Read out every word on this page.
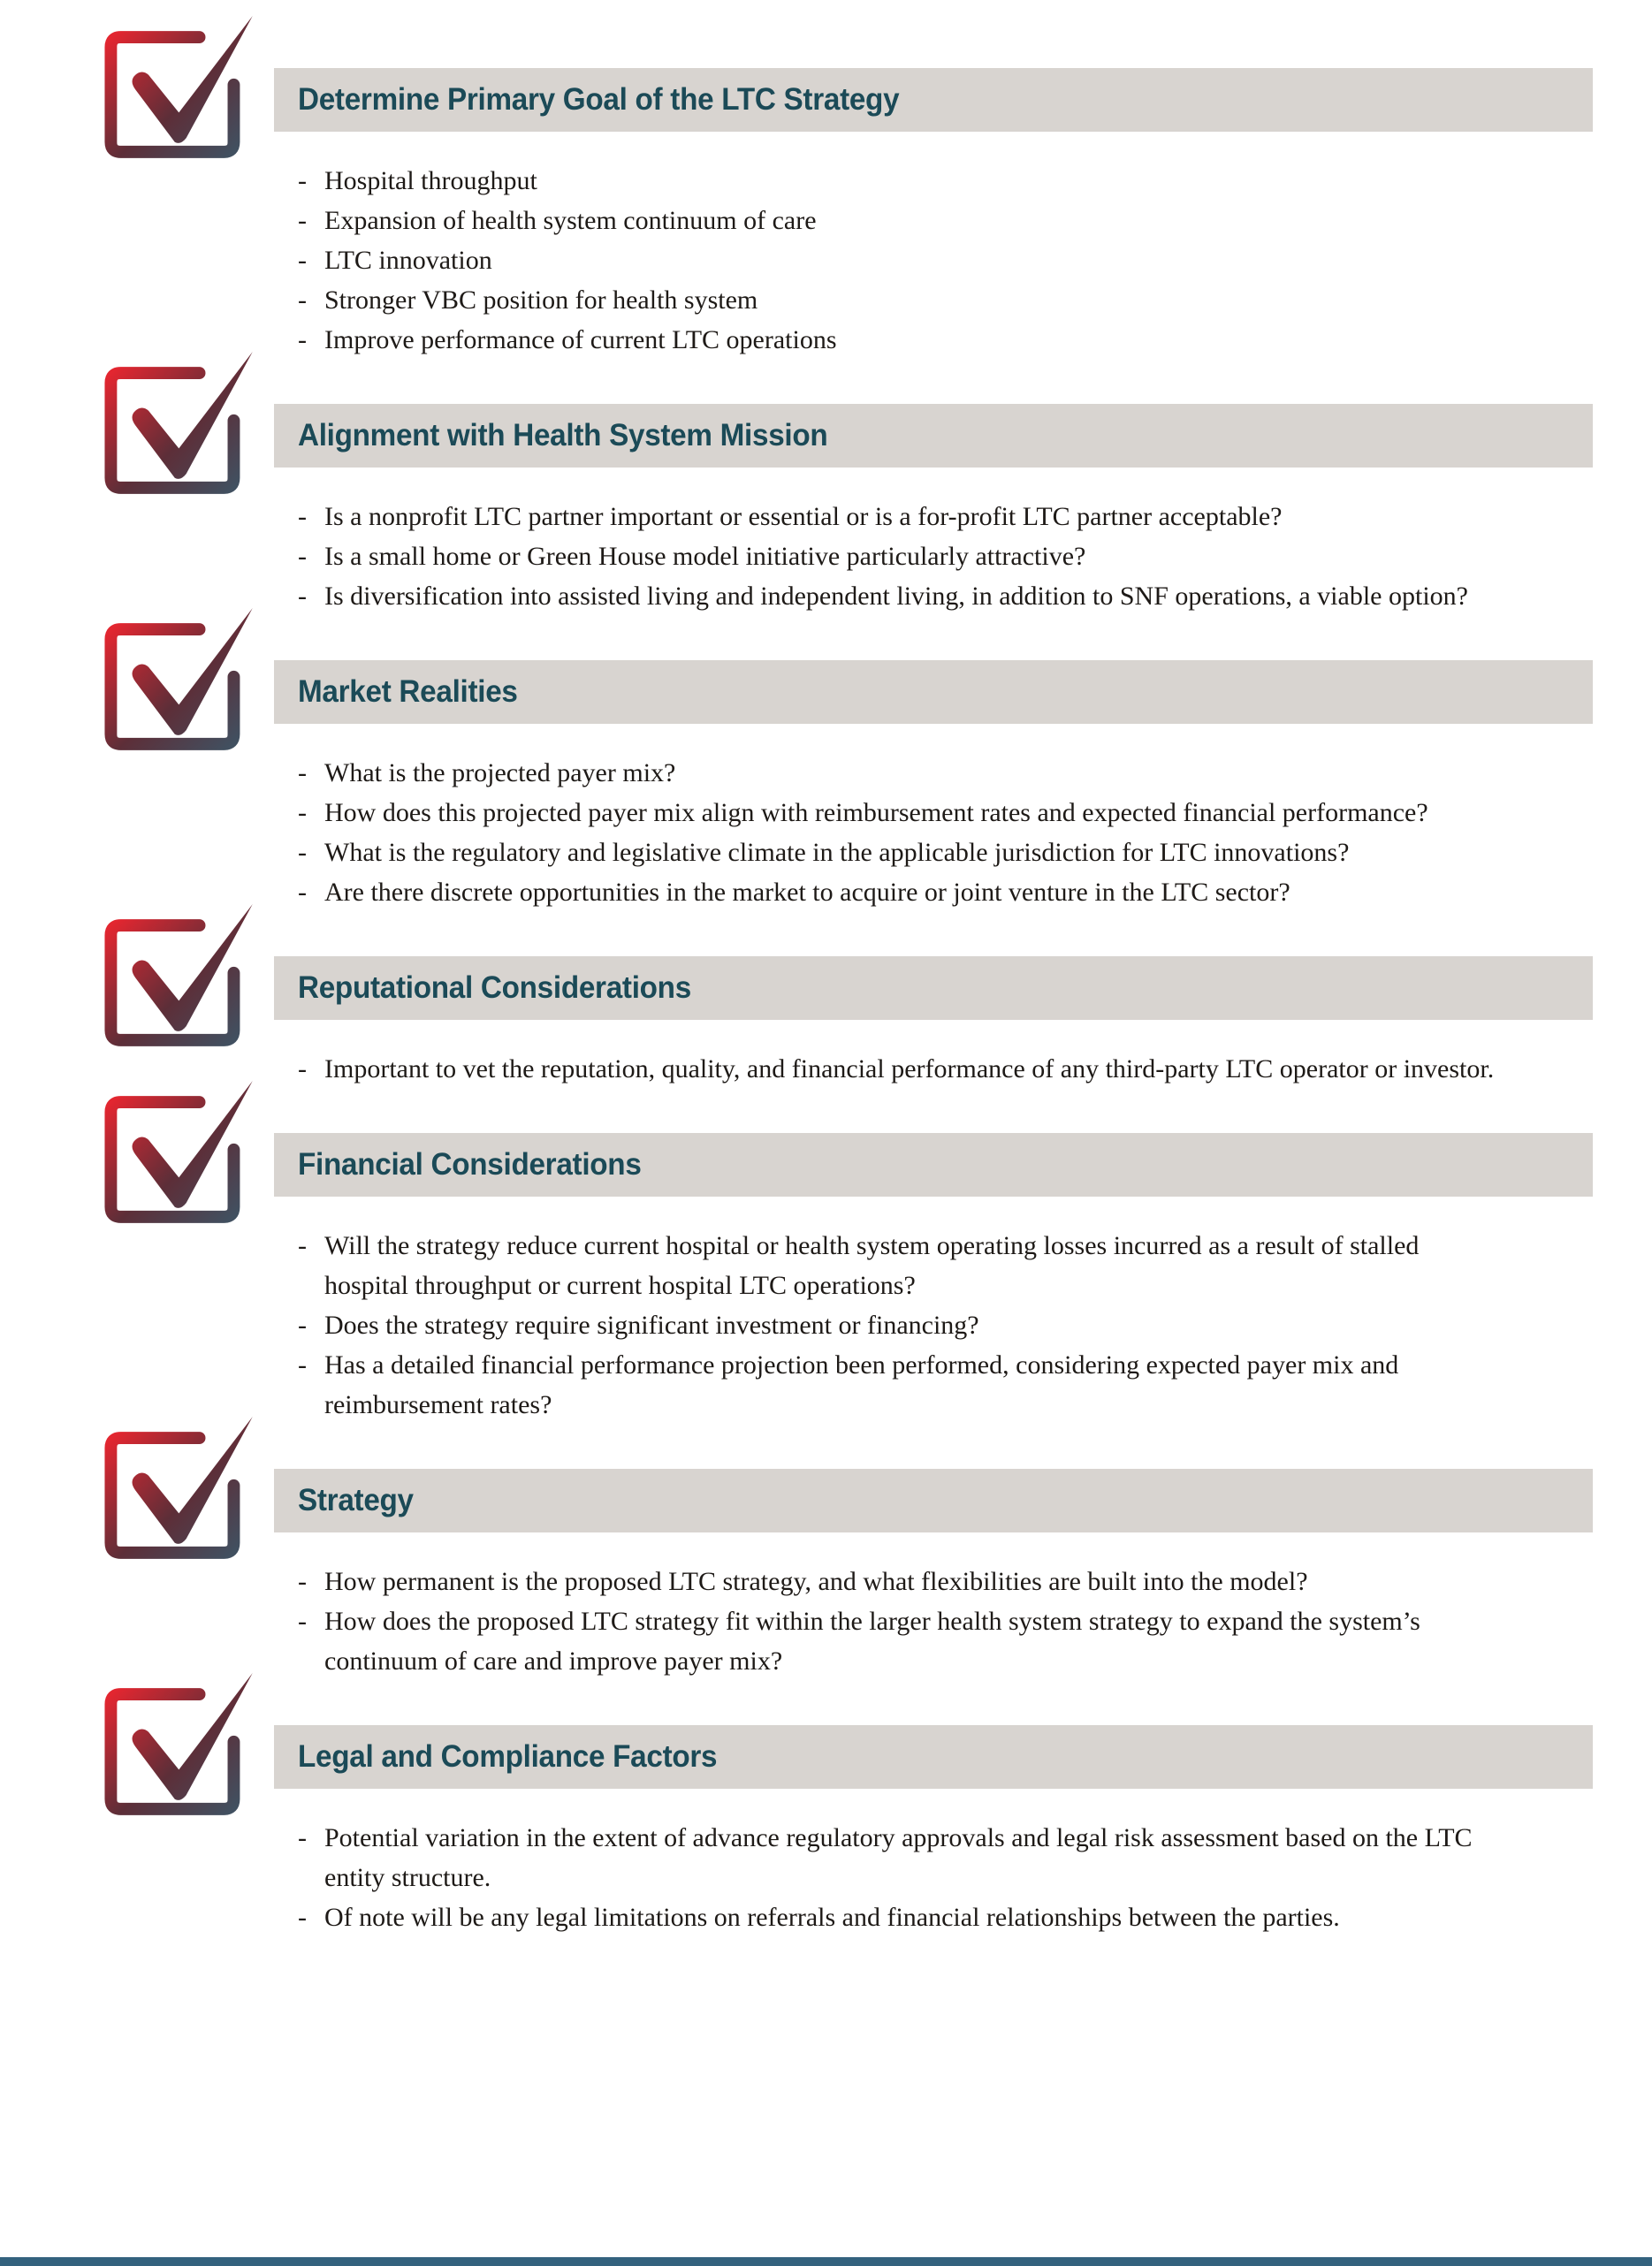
Determine Primary Goal of the LTC Strategy
- Hospital throughput
- Expansion of health system continuum of care
- LTC innovation
- Stronger VBC position for health system
- Improve performance of current LTC operations
Alignment with Health System Mission
- Is a nonprofit LTC partner important or essential or is a for-profit LTC partner acceptable?
- Is a small home or Green House model initiative particularly attractive?
- Is diversification into assisted living and independent living, in addition to SNF operations, a viable option?
Market Realities
- What is the projected payer mix?
- How does this projected payer mix align with reimbursement rates and expected financial performance?
- What is the regulatory and legislative climate in the applicable jurisdiction for LTC innovations?
- Are there discrete opportunities in the market to acquire or joint venture in the LTC sector?
Reputational Considerations
- Important to vet the reputation, quality, and financial performance of any third-party LTC operator or investor.
Financial Considerations
- Will the strategy reduce current hospital or health system operating losses incurred as a result of stalled hospital throughput or current hospital LTC operations?
- Does the strategy require significant investment or financing?
- Has a detailed financial performance projection been performed, considering expected payer mix and reimbursement rates?
Strategy
- How permanent is the proposed LTC strategy, and what flexibilities are built into the model?
- How does the proposed LTC strategy fit within the larger health system strategy to expand the system’s continuum of care and improve payer mix?
Legal and Compliance Factors
- Potential variation in the extent of advance regulatory approvals and legal risk assessment based on the LTC entity structure.
- Of note will be any legal limitations on referrals and financial relationships between the parties.
